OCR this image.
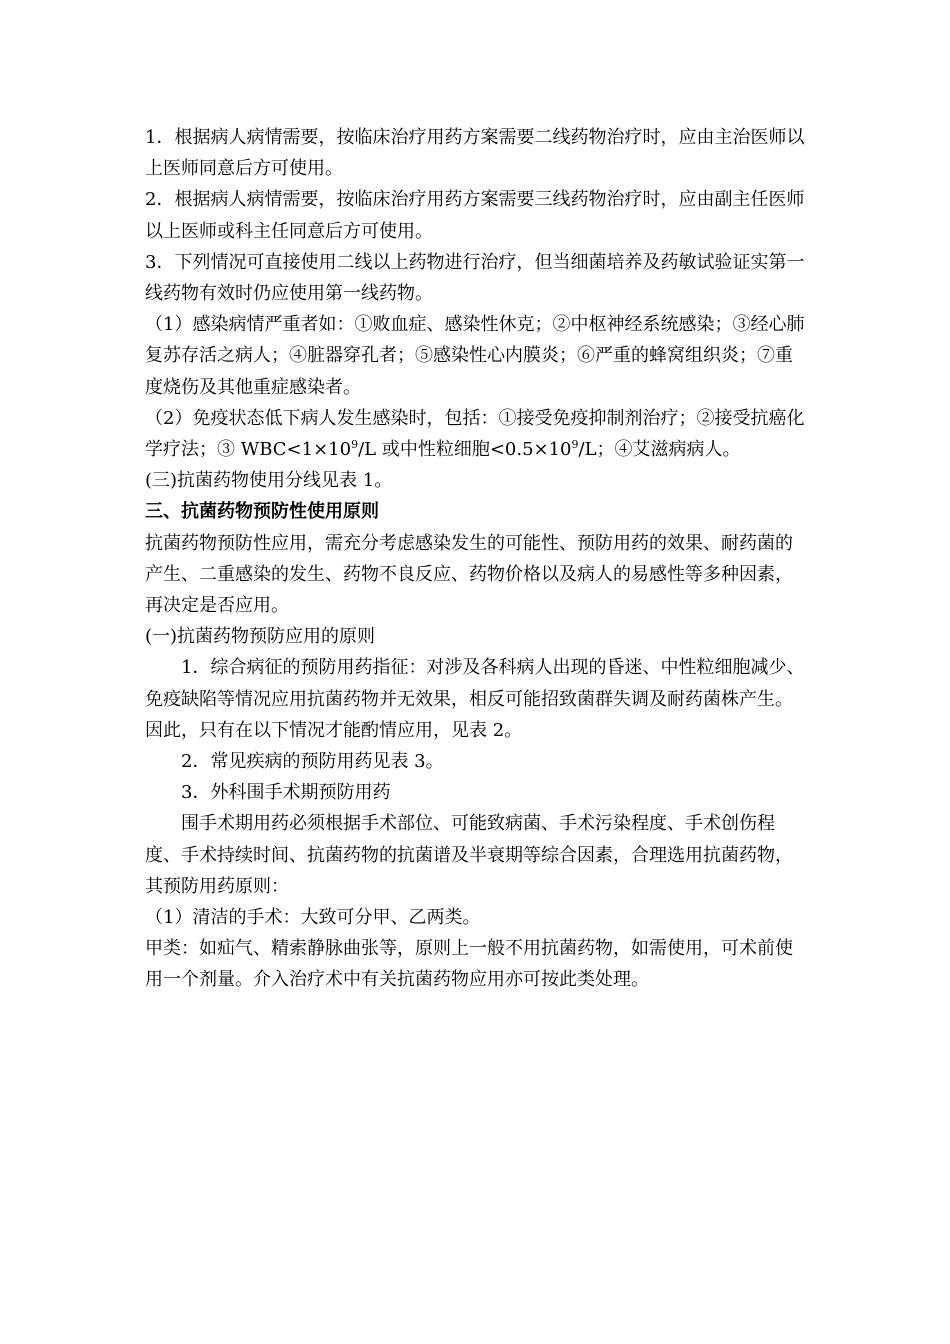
1．根据病人病情需要，按临床治疗用药方案需要二线药物治疗时，应由主治医师以上医师同意后方可使用。

2．根据病人病情需要，按临床治疗用药方案需要三线药物治疗时，应由副主任医师以上医师或科主任同意后方可使用。

3．下列情况可直接使用二线以上药物进行治疗，但当细菌培养及药敏试验证实第一线药物有效时仍应使用第一线药物。

（1）感染病情严重者如：①败血症、感染性休克；②中枢神经系统感染；③经心肺复苏存活之病人；④脏器穿孔者；⑤感染性心内膜炎；⑥严重的蜂窝组织炎；⑦重度烧伤及其他重症感染者。

（2）免疫状态低下病人发生感染时，包括：①接受免疫抑制剂治疗；②接受抗癌化学疗法；③ $WBC<1\times 10^9/L$ 或中性粒细胞$<0.5\times 10^9/L$；④艾滋病病人。

(三)抗菌药物使用分线见表 1。

三、抗菌药物预防性使用原则

抗菌药物预防性应用，需充分考虑感染发生的可能性、预防用药的效果、耐药菌的产生、二重感染的发生、药物不良反应、药物价格以及病人的易感性等多种因素，再决定是否应用。

(一)抗菌药物预防应用的原则

1．综合病征的预防用药指征：对涉及各科病人出现的昏迷、中性粒细胞减少、免疫缺陷等情况应用抗菌药物并无效果，相反可能招致菌群失调及耐药菌株产生。因此，只有在以下情况才能酌情应用，见表 2。

2．常见疾病的预防用药见表 3。

3．外科围手术期预防用药

围手术期用药必须根据手术部位、可能致病菌、手术污染程度、手术创伤程度、手术持续时间、抗菌药物的抗菌谱及半衰期等综合因素，合理选用抗菌药物，其预防用药原则：

（1）清洁的手术：大致可分甲、乙两类。

甲类：如疝气、精索静脉曲张等，原则上一般不用抗菌药物，如需使用，可术前使用一个剂量。介入治疗术中有关抗菌药物应用亦可按此类处理。
